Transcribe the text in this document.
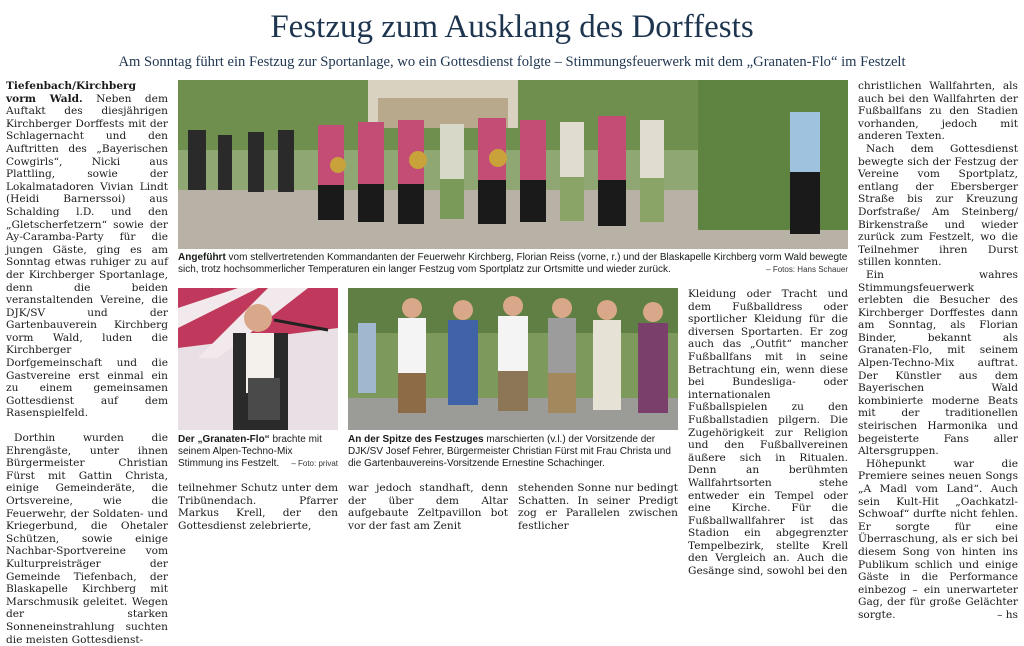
Festzug zum Ausklang des Dorffests
Am Sonntag führt ein Festzug zur Sportanlage, wo ein Gottesdienst folgte – Stimmungsfeuerwerk mit dem „Granaten-Flo“ im Festzelt

Tiefenbach/Kirchberg vorm Wald. Neben dem Auftakt des diesjährigen Kirchberger Dorffests mit der Schlagernacht und den Auftritten des „Bayerischen Cowgirls“, Nicki aus Plattling, sowie der Lokalmatadoren Vivian Lindt (Heidi Barnerssoi) aus Schalding l.D. und den „Gletscherfetzern“ sowie der Ay-Caramba-Party für die jungen Gäste, ging es am Sonntag etwas ruhiger zu auf der Kirchberger Sportanlage, denn die beiden veranstaltenden Vereine, die DJK/SV und der Gartenbauverein Kirchberg vorm Wald, luden die Kirchberger Dorfgemeinschaft und die Gastvereine erst einmal ein zu einem gemeinsamen Gottesdienst auf dem Rasenspielfeld.

Dorthin wurden die Ehrengäste, unter ihnen Bürgermeister Christian Fürst mit Gattin Christa, einige Gemeinderäte, die Ortsvereine, wie die Feuerwehr, der Soldaten- und Kriegerbund, die Ohetaler Schützen, sowie einige Nachbar-Sportvereine vom Kulturpreisträger der Gemeinde Tiefenbach, der Blaskapelle Kirchberg mit Marschmusik geleitet. Wegen der starken Sonneneinstrahlung suchten die meisten Gottesdienst-

Angeführt vom stellvertretenden Kommandanten der Feuerwehr Kirchberg, Florian Reiss (vorne, r.) und der Blaskapelle Kirchberg vorm Wald bewegte sich, trotz hochsommerlicher Temperaturen ein langer Festzug vom Sportplatz zur Ortsmitte und wieder zurück.	– Fotos: Hans Schauer
Der „Granaten-Flo“ brachte mit seinem Alpen-Techno-Mix Stimmung ins Festzelt. – Foto: privat
An der Spitze des Festzuges marschierten (v.l.) der Vorsitzende der DJK/SV Josef Fehrer, Bürgermeister Christian Fürst mit Frau Christa und die Gartenbauvereins-Vorsitzende Ernestine Schachinger.

teilnehmer Schutz unter dem Tribünendach. Pfarrer Markus Krell, der den Gottesdienst zelebrierte,

war jedoch standhaft, denn der über dem Altar aufgebaute Zeltpavillon bot vor der fast am Zenit

stehenden Sonne nur bedingt Schatten. In seiner Predigt zog er Parallelen zwischen festlicher

Kleidung oder Tracht und dem Fußballdress oder sportlicher Kleidung für die diversen Sportarten. Er zog auch das „Outfit“ mancher Fußballfans mit in seine Betrachtung ein, wenn diese bei Bundesliga- oder internationalen Fußballspielen zu den Fußballstadien pilgern. Die Zugehörigkeit zur Religion und den Fußballvereinen äußere sich in Ritualen. Denn an berühmten Wallfahrtsorten stehe entweder ein Tempel oder eine Kirche. Für die Fußballwallfahrer ist das Stadion ein abgegrenzter Tempelbezirk, stellte Krell den Vergleich an. Auch die Gesänge sind, sowohl bei den

christlichen Wallfahrten, als auch bei den Wallfahrten der Fußballfans zu den Stadien vorhanden, jedoch mit anderen Texten.

Nach dem Gottesdienst bewegte sich der Festzug der Vereine vom Sportplatz, entlang der Ebersberger Straße bis zur Kreuzung Dorfstraße/ Am Steinberg/ Birkenstraße und wieder zurück zum Festzelt, wo die Teilnehmer ihren Durst stillen konnten.

Ein wahres Stimmungsfeuerwerk erlebten die Besucher des Kirchberger Dorffestes dann am Sonntag, als Florian Binder, bekannt als Granaten-Flo, mit seinem Alpen-Techno-Mix auftrat. Der Künstler aus dem Bayerischen Wald kombinierte moderne Beats mit der traditionellen steirischen Harmonika und begeisterte Fans aller Altersgruppen.

Höhepunkt war die Premiere seines neuen Songs „A Madl vom Land“. Auch sein Kult-Hit „Oachkatzl-Schwoaf“ durfte nicht fehlen. Er sorgte für eine Überraschung, als er sich bei diesem Song von hinten ins Publikum schlich und einige Gäste in die Performance einbezog – ein unerwarteter Gag, der für große Gelächter sorgte.	– hs
